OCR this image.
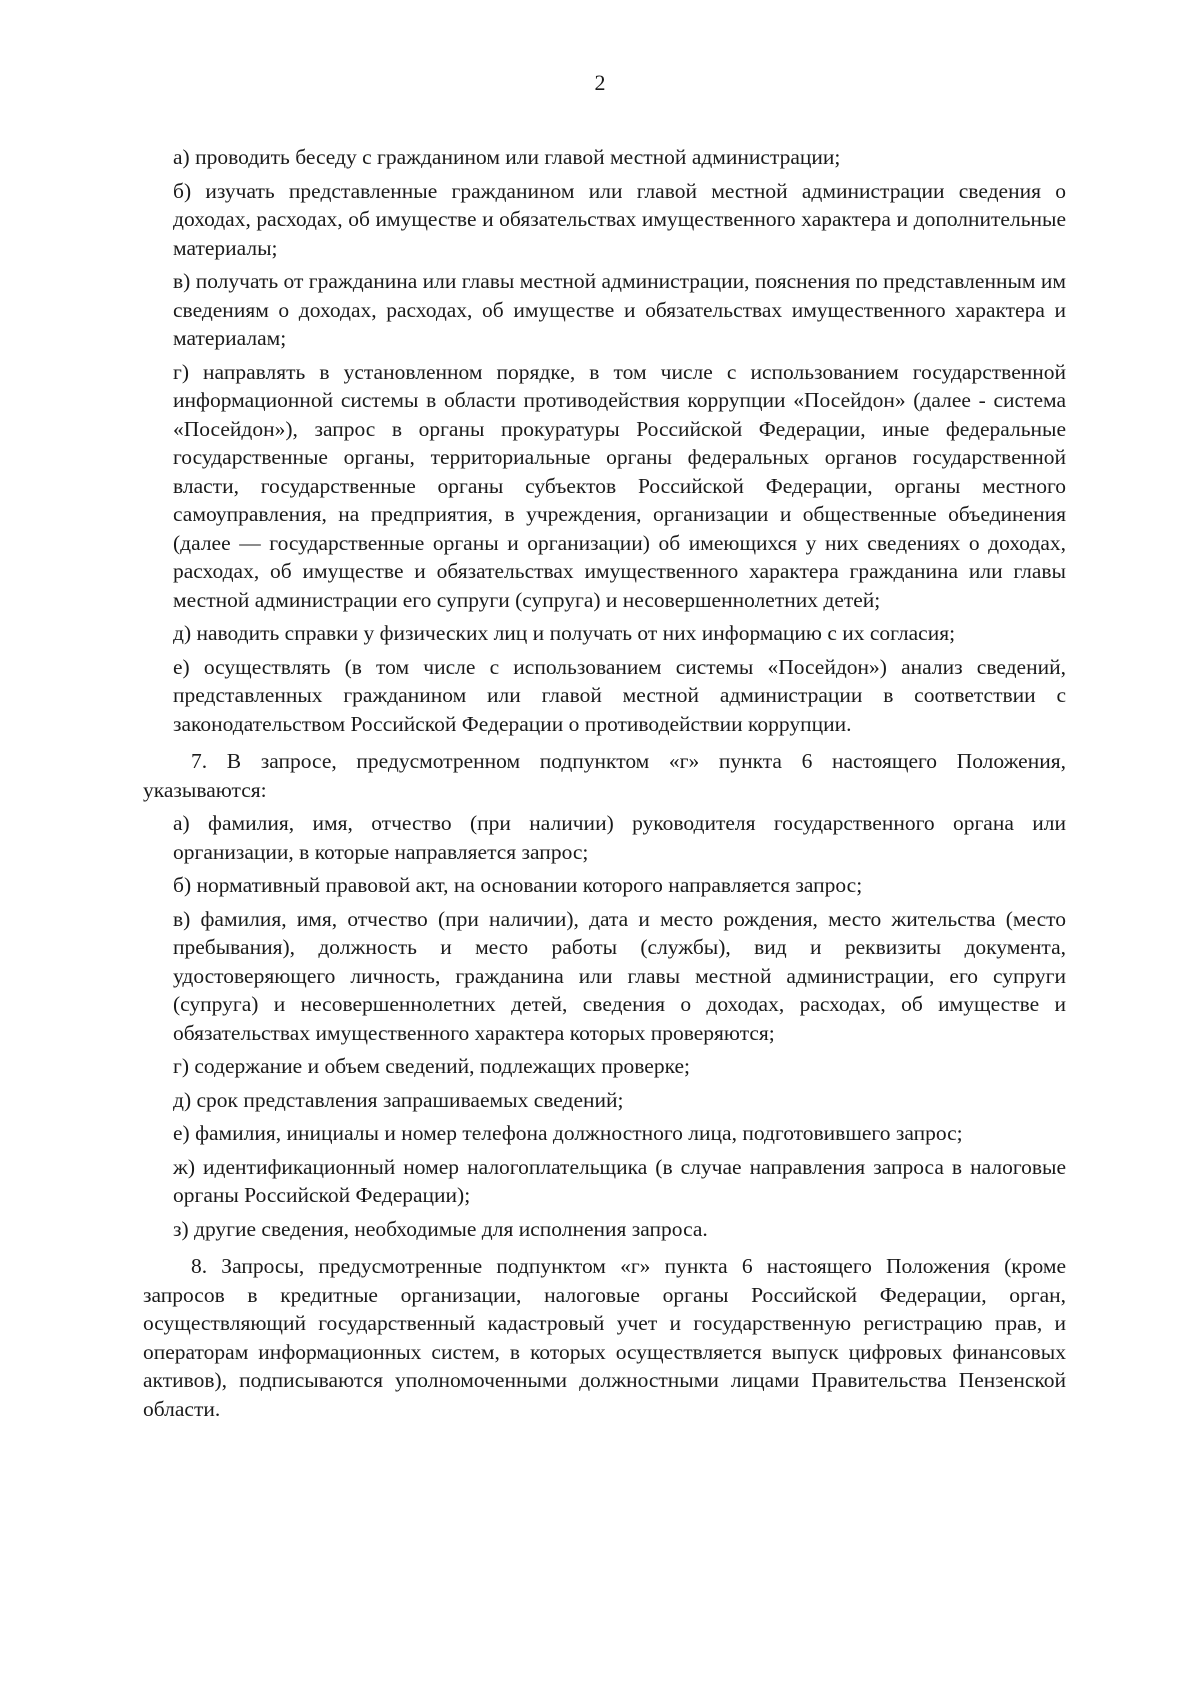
2

а) проводить беседу с гражданином или главой местной администрации;

б) изучать представленные гражданином или главой местной администрации сведения о доходах, расходах, об имуществе и обязательствах имущественного характера и дополнительные материалы;

в) получать от гражданина или главы местной администрации, пояснения по представленным им сведениям о доходах, расходах, об имуществе и обязательствах имущественного характера и материалам;

г) направлять в установленном порядке, в том числе с использованием государственной информационной системы в области противодействия коррупции «Посейдон» (далее - система «Посейдон»), запрос в органы прокуратуры Российской Федерации, иные федеральные государственные органы, территориальные органы федеральных органов государственной власти, государственные органы субъектов Российской Федерации, органы местного самоуправления, на предприятия, в учреждения, организации и общественные объединения (далее — государственные органы и организации) об имеющихся у них сведениях о доходах, расходах, об имуществе и обязательствах имущественного характера гражданина или главы местной администрации его супруги (супруга) и несовершеннолетних детей;

д) наводить справки у физических лиц и получать от них информацию с их согласия;

е) осуществлять (в том числе с использованием системы «Посейдон») анализ сведений, представленных гражданином или главой местной администрации в соответствии с законодательством Российской Федерации о противодействии коррупции.

7. В запросе, предусмотренном подпунктом «г» пункта 6 настоящего Положения, указываются:

а) фамилия, имя, отчество (при наличии) руководителя государственного органа или организации, в которые направляется запрос;

б) нормативный правовой акт, на основании которого направляется запрос;

в) фамилия, имя, отчество (при наличии), дата и место рождения, место жительства (место пребывания), должность и место работы (службы), вид и реквизиты документа, удостоверяющего личность, гражданина или главы местной администрации, его супруги (супруга) и несовершеннолетних детей, сведения о доходах, расходах, об имуществе и обязательствах имущественного характера которых проверяются;

г) содержание и объем сведений, подлежащих проверке;

д) срок представления запрашиваемых сведений;

е) фамилия, инициалы и номер телефона должностного лица, подготовившего запрос;

ж) идентификационный номер налогоплательщика (в случае направления запроса в налоговые органы Российской Федерации);

з) другие сведения, необходимые для исполнения запроса.

8. Запросы, предусмотренные подпунктом «г» пункта 6 настоящего Положения (кроме запросов в кредитные организации, налоговые органы Российской Федерации, орган, осуществляющий государственный кадастровый учет и государственную регистрацию прав, и операторам информационных систем, в которых осуществляется выпуск цифровых финансовых активов), подписываются уполномоченными должностными лицами Правительства Пензенской области.
